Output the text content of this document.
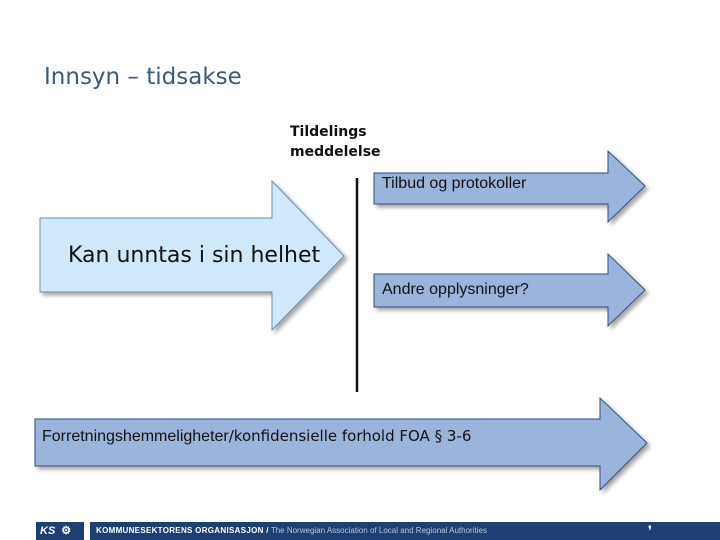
Innsyn – tidsakse
Tildelings
meddelelse
Tilbud og protokoller
Andre opplysninger?
Kan unntas i sin helhet
Forretningshemmeligheter/konfidensielle forhold FOA § 3-6
KS ⚙	KOMMUNESEKTORENS ORGANISASJON / The Norwegian Association of Local and Regional Authorities	❜
